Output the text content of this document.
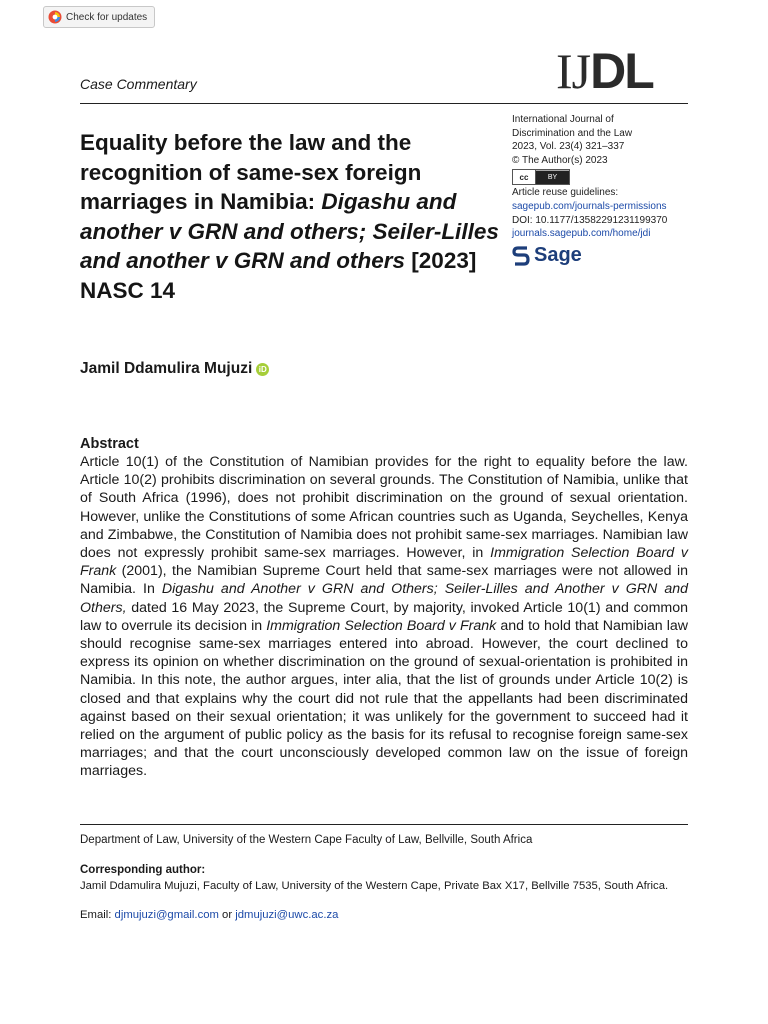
Check for updates
Case Commentary	IJDL
International Journal of
Discrimination and the Law
2023, Vol. 23(4) 321–337
© The Author(s) 2023
cc	BY
Article reuse guidelines:
sagepub.com/journals-permissions
DOI: 10.1177/13582291231199370
journals.sagepub.com/home/jdi
Sage
Equality before the law and the recognition of same-sex foreign marriages in Namibia: Digashu and another v GRN and others; Seiler-Lilles and another v GRN and others [2023] NASC 14
Jamil Ddamulira Mujuzi iD
Abstract
Article 10(1) of the Constitution of Namibian provides for the right to equality before the law. Article 10(2) prohibits discrimination on several grounds. The Constitution of Namibia, unlike that of South Africa (1996), does not prohibit discrimination on the ground of sexual orientation. However, unlike the Constitutions of some African countries such as Uganda, Seychelles, Kenya and Zimbabwe, the Constitution of Namibia does not prohibit same-sex marriages. Namibian law does not expressly prohibit same-sex marriages. However, in Immigration Selection Board v Frank (2001), the Namibian Supreme Court held that same-sex marriages were not allowed in Namibia. In Digashu and Another v GRN and Others; Seiler-Lilles and Another v GRN and Others, dated 16 May 2023, the Supreme Court, by majority, invoked Article 10(1) and common law to overrule its decision in Immigration Selection Board v Frank and to hold that Namibian law should recognise same-sex marriages entered into abroad. However, the court declined to express its opinion on whether discrimination on the ground of sexual-orientation is prohibited in Namibia. In this note, the author argues, inter alia, that the list of grounds under Article 10(2) is closed and that explains why the court did not rule that the appellants had been discriminated against based on their sexual orientation; it was unlikely for the government to succeed had it relied on the argument of public policy as the basis for its refusal to recognise foreign same-sex marriages; and that the court unconsciously developed common law on the issue of foreign marriages.
Department of Law, University of the Western Cape Faculty of Law, Bellville, South Africa
Corresponding author:
Jamil Ddamulira Mujuzi, Faculty of Law, University of the Western Cape, Private Bax X17, Bellville 7535, South Africa.
Email: djmujuzi@gmail.com or jdmujuzi@uwc.ac.za
